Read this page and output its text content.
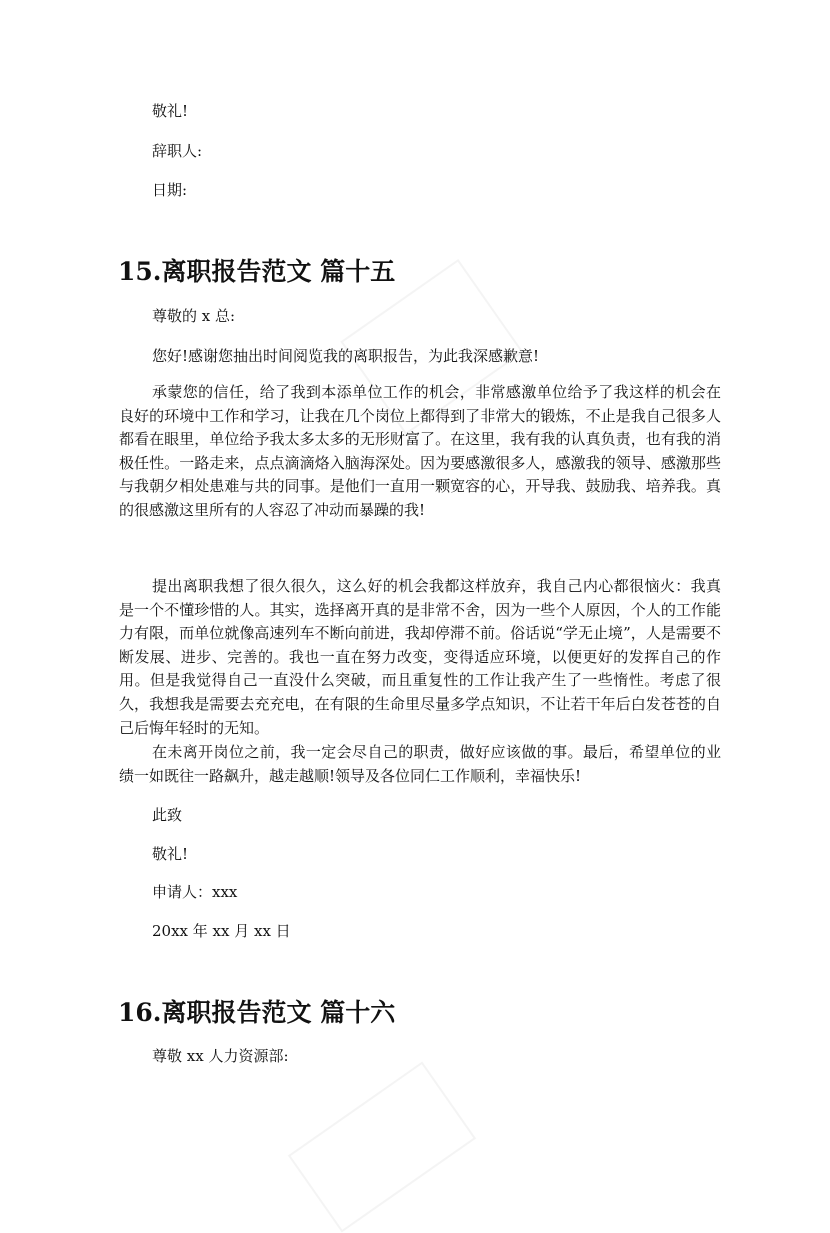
敬礼!
辞职人:
日期:
15.离职报告范文 篇十五
尊敬的 x 总:
您好!感谢您抽出时间阅览我的离职报告，为此我深感歉意!
承蒙您的信任，给了我到本添单位工作的机会，非常感激单位给予了我这样的机会在良好的环境中工作和学习，让我在几个岗位上都得到了非常大的锻炼，不止是我自己很多人都看在眼里，单位给予我太多太多的无形财富了。在这里，我有我的认真负责，也有我的消极任性。一路走来，点点滴滴烙入脑海深处。因为要感激很多人，感激我的领导、感激那些与我朝夕相处患难与共的同事。是他们一直用一颗宽容的心，开导我、鼓励我、培养我。真的很感激这里所有的人容忍了冲动而暴躁的我!
提出离职我想了很久很久，这么好的机会我都这样放弃，我自己内心都很恼火：我真是一个不懂珍惜的人。其实，选择离开真的是非常不舍，因为一些个人原因，个人的工作能力有限，而单位就像高速列车不断向前进，我却停滞不前。俗话说“学无止境”，人是需要不断发展、进步、完善的。我也一直在努力改变，变得适应环境，以便更好的发挥自己的作用。但是我觉得自己一直没什么突破，而且重复性的工作让我产生了一些惰性。考虑了很久，我想我是需要去充充电，在有限的生命里尽量多学点知识，不让若干年后白发苍苍的自己后悔年轻时的无知。
在未离开岗位之前，我一定会尽自己的职责，做好应该做的事。最后，希望单位的业绩一如既往一路飙升，越走越顺!领导及各位同仁工作顺利，幸福快乐!
此致
敬礼!
申请人：xxx
20xx 年 xx 月 xx 日
16.离职报告范文 篇十六
尊敬 xx 人力资源部:
